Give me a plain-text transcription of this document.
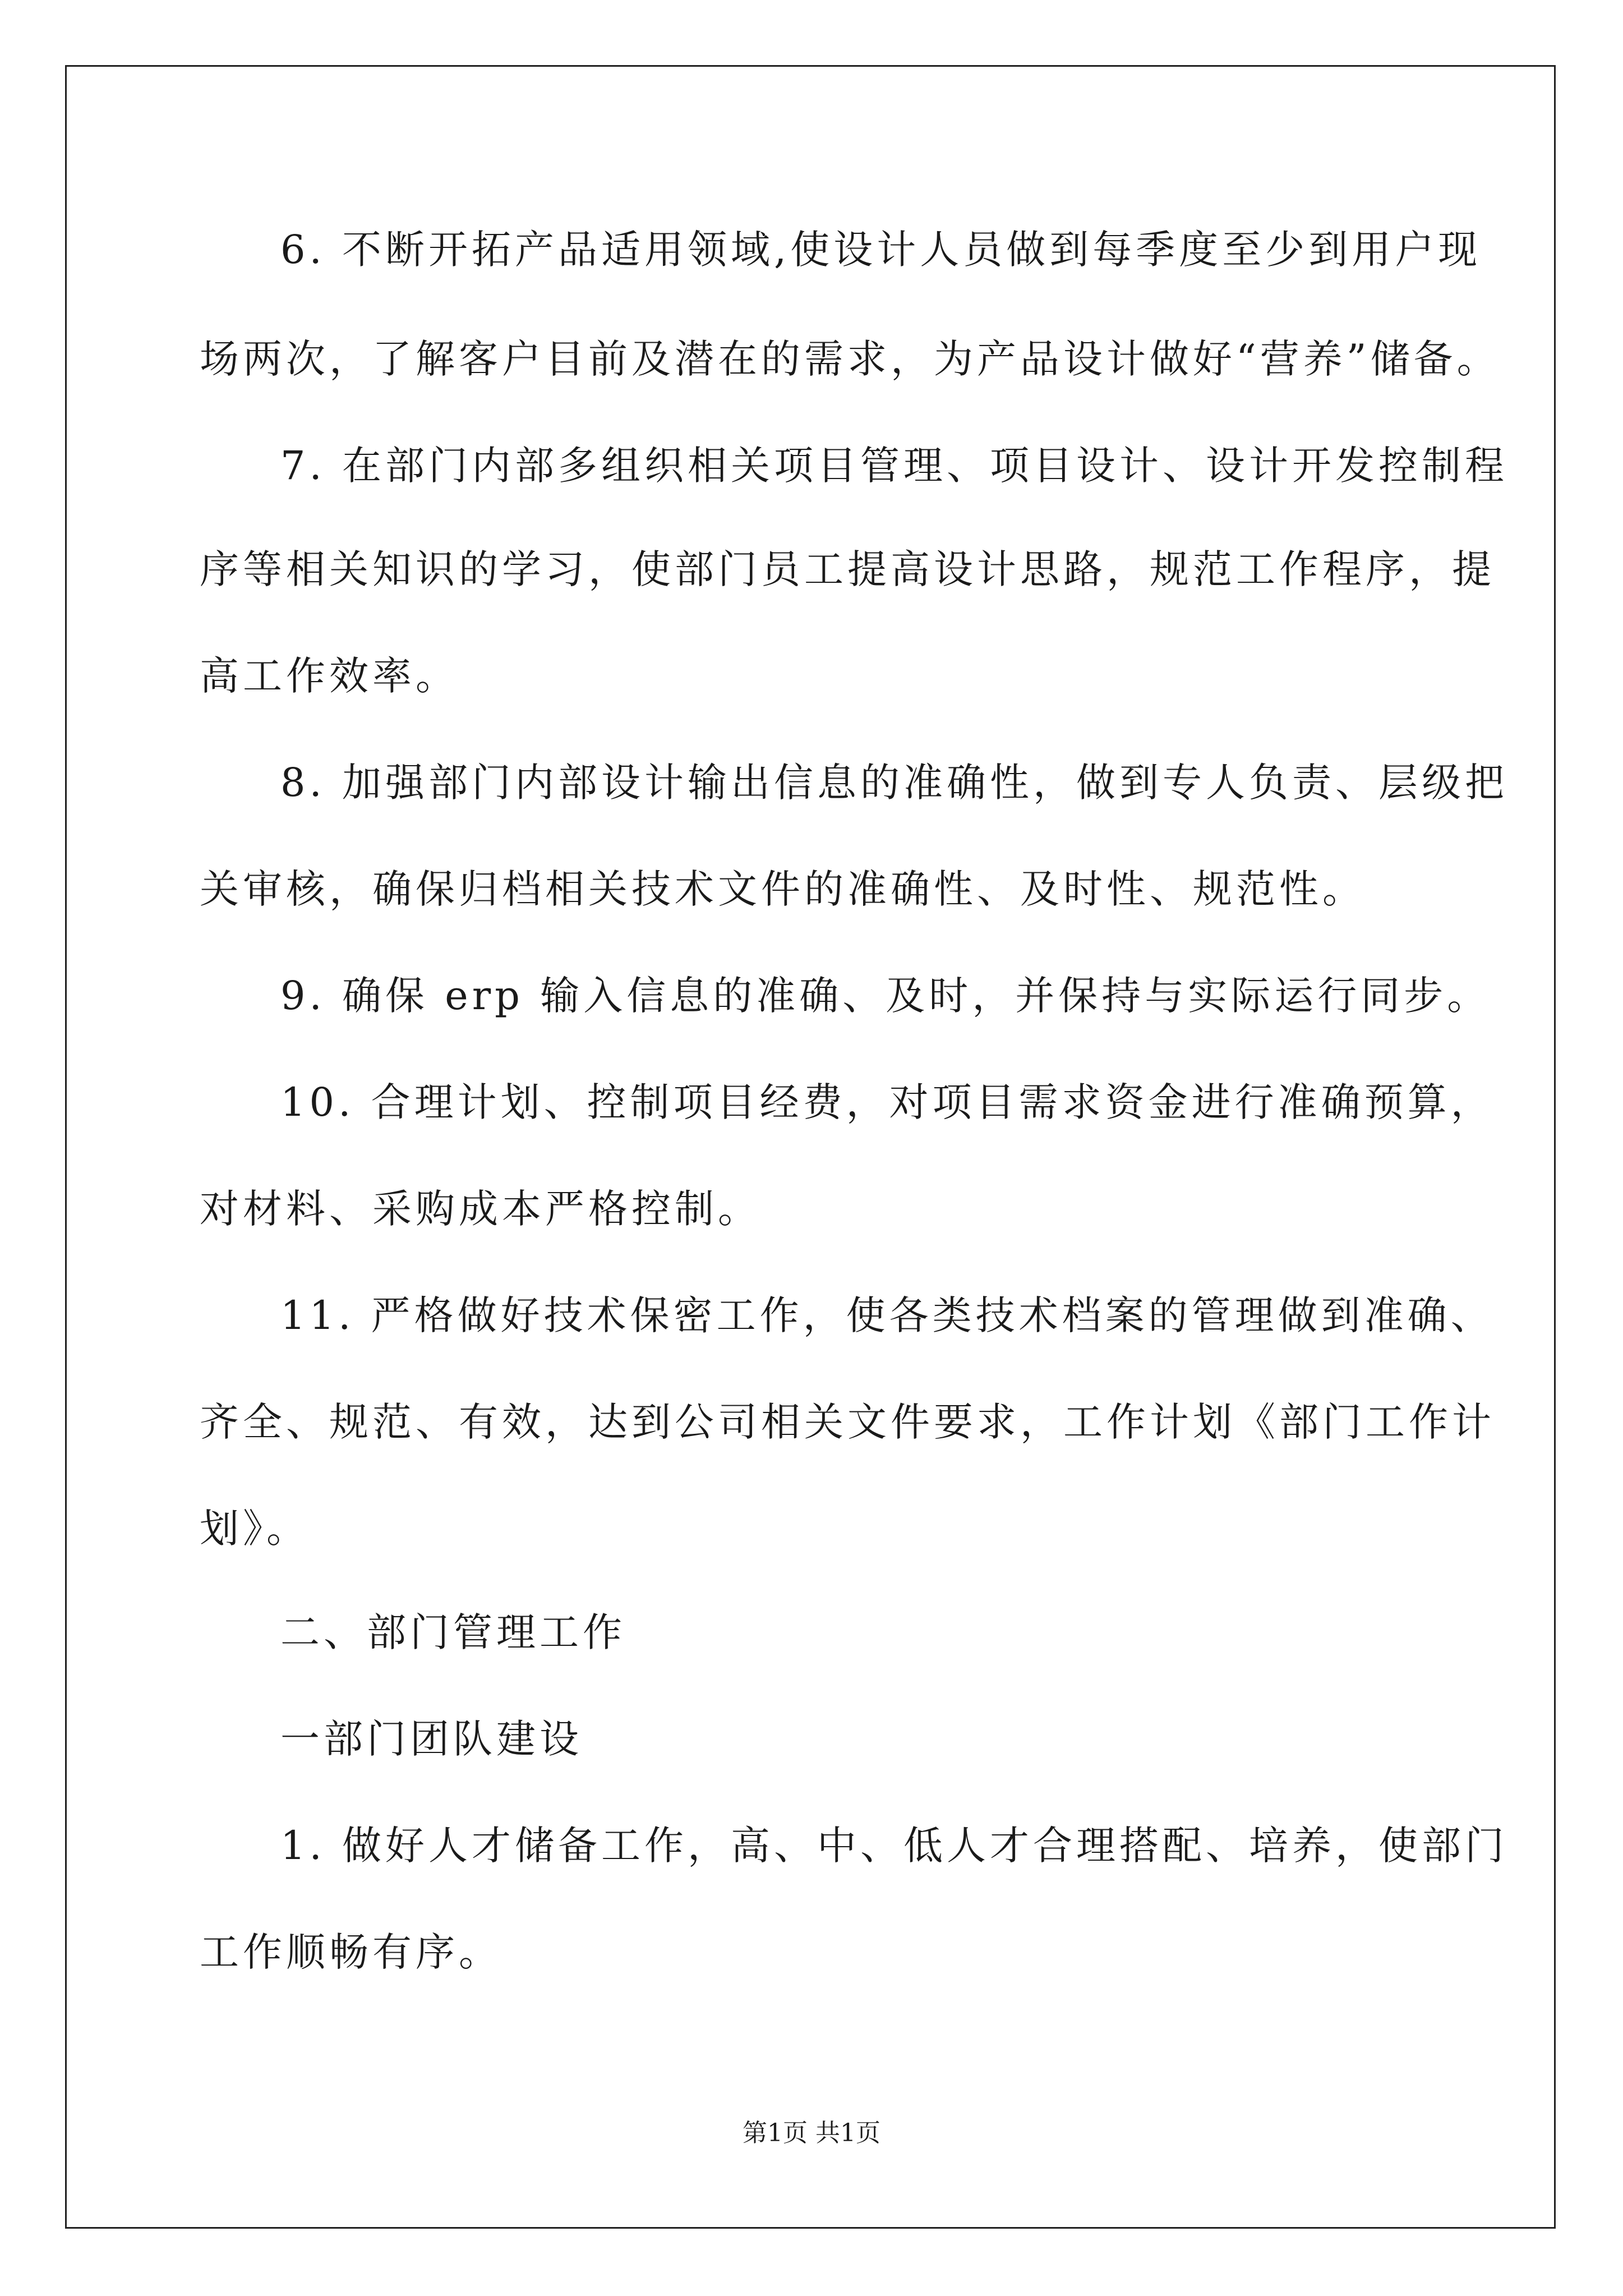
6. 不断开拓产品适用领域,使设计人员做到每季度至少到用户现
场两次，了解客户目前及潜在的需求，为产品设计做好“营养”储备。
7. 在部门内部多组织相关项目管理、项目设计、设计开发控制程
序等相关知识的学习，使部门员工提高设计思路，规范工作程序，提
高工作效率。
8. 加强部门内部设计输出信息的准确性，做到专人负责、层级把
关审核，确保归档相关技术文件的准确性、及时性、规范性。
9. 确保 erp 输入信息的准确、及时，并保持与实际运行同步。
10. 合理计划、控制项目经费，对项目需求资金进行准确预算，
对材料、采购成本严格控制。
11. 严格做好技术保密工作，使各类技术档案的管理做到准确、
齐全、规范、有效，达到公司相关文件要求，工作计划《部门工作计
划》。
二、部门管理工作
一部门团队建设
1. 做好人才储备工作，高、中、低人才合理搭配、培养，使部门
工作顺畅有序。
第1页 共1页
